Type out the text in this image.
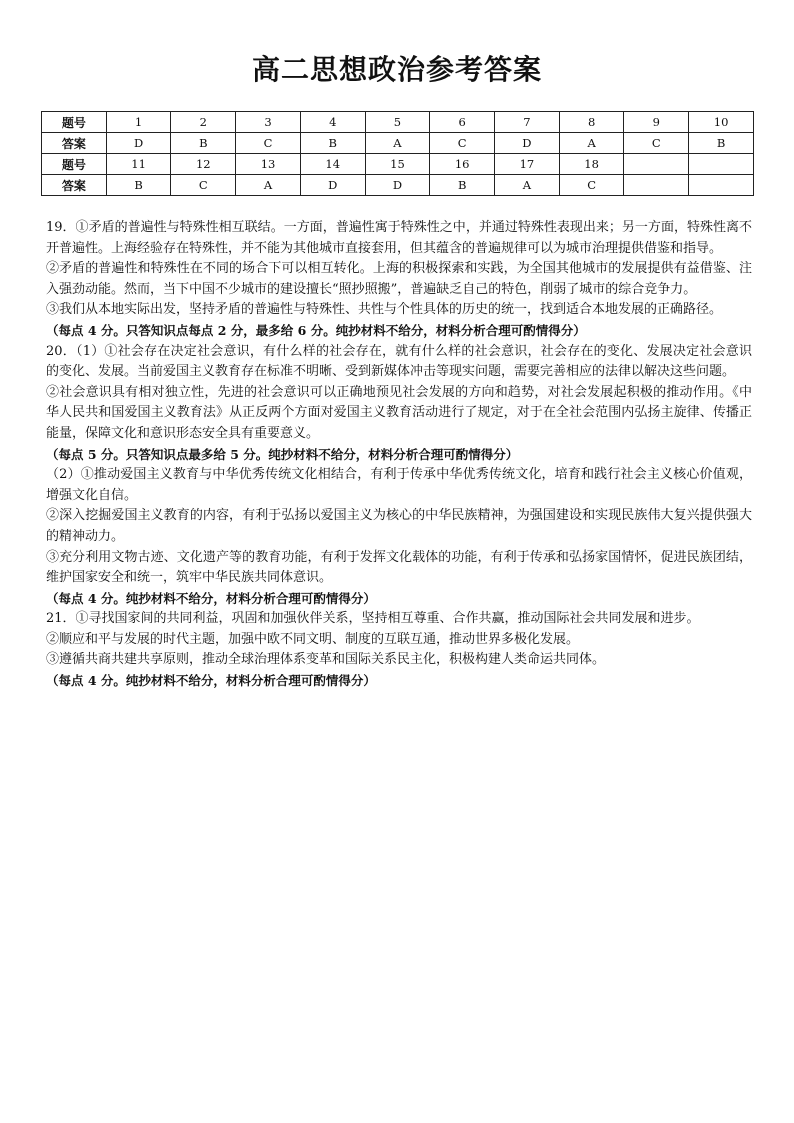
高二思想政治参考答案
题号	1	2	3	4	5	6	7	8	9	10
答案	D	B	C	B	A	C	D	A	C	B
题号	11	12	13	14	15	16	17	18		
答案	B	C	A	D	D	B	A	C		

19．①矛盾的普遍性与特殊性相互联结。一方面，普遍性寓于特殊性之中，并通过特殊性表现出来；另一方面，特殊性离不开普遍性。上海经验存在特殊性，并不能为其他城市直接套用，但其蕴含的普遍规律可以为城市治理提供借鉴和指导。

②矛盾的普遍性和特殊性在不同的场合下可以相互转化。上海的积极探索和实践，为全国其他城市的发展提供有益借鉴、注入强劲动能。然而，当下中国不少城市的建设擅长“照抄照搬”，普遍缺乏自己的特色，削弱了城市的综合竞争力。

③我们从本地实际出发，坚持矛盾的普遍性与特殊性、共性与个性具体的历史的统一，找到适合本地发展的正确路径。

（每点 4 分。只答知识点每点 2 分，最多给 6 分。纯抄材料不给分，材料分析合理可酌情得分）

20．（1）①社会存在决定社会意识，有什么样的社会存在，就有什么样的社会意识，社会存在的变化、发展决定社会意识的变化、发展。当前爱国主义教育存在标准不明晰、受到新媒体冲击等现实问题，需要完善相应的法律以解决这些问题。

②社会意识具有相对独立性，先进的社会意识可以正确地预见社会发展的方向和趋势，对社会发展起积极的推动作用。《中华人民共和国爱国主义教育法》从正反两个方面对爱国主义教育活动进行了规定，对于在全社会范围内弘扬主旋律、传播正能量，保障文化和意识形态安全具有重要意义。

（每点 5 分。只答知识点最多给 5 分。纯抄材料不给分，材料分析合理可酌情得分）

（2）①推动爱国主义教育与中华优秀传统文化相结合，有利于传承中华优秀传统文化，培育和践行社会主义核心价值观，增强文化自信。

②深入挖掘爱国主义教育的内容，有利于弘扬以爱国主义为核心的中华民族精神，为强国建设和实现民族伟大复兴提供强大的精神动力。

③充分利用文物古迹、文化遗产等的教育功能，有利于发挥文化载体的功能，有利于传承和弘扬家国情怀，促进民族团结，维护国家安全和统一，筑牢中华民族共同体意识。

（每点 4 分。纯抄材料不给分，材料分析合理可酌情得分）

21．①寻找国家间的共同利益，巩固和加强伙伴关系，坚持相互尊重、合作共赢，推动国际社会共同发展和进步。

②顺应和平与发展的时代主题，加强中欧不同文明、制度的互联互通，推动世界多极化发展。

③遵循共商共建共享原则，推动全球治理体系变革和国际关系民主化，积极构建人类命运共同体。

（每点 4 分。纯抄材料不给分，材料分析合理可酌情得分）
